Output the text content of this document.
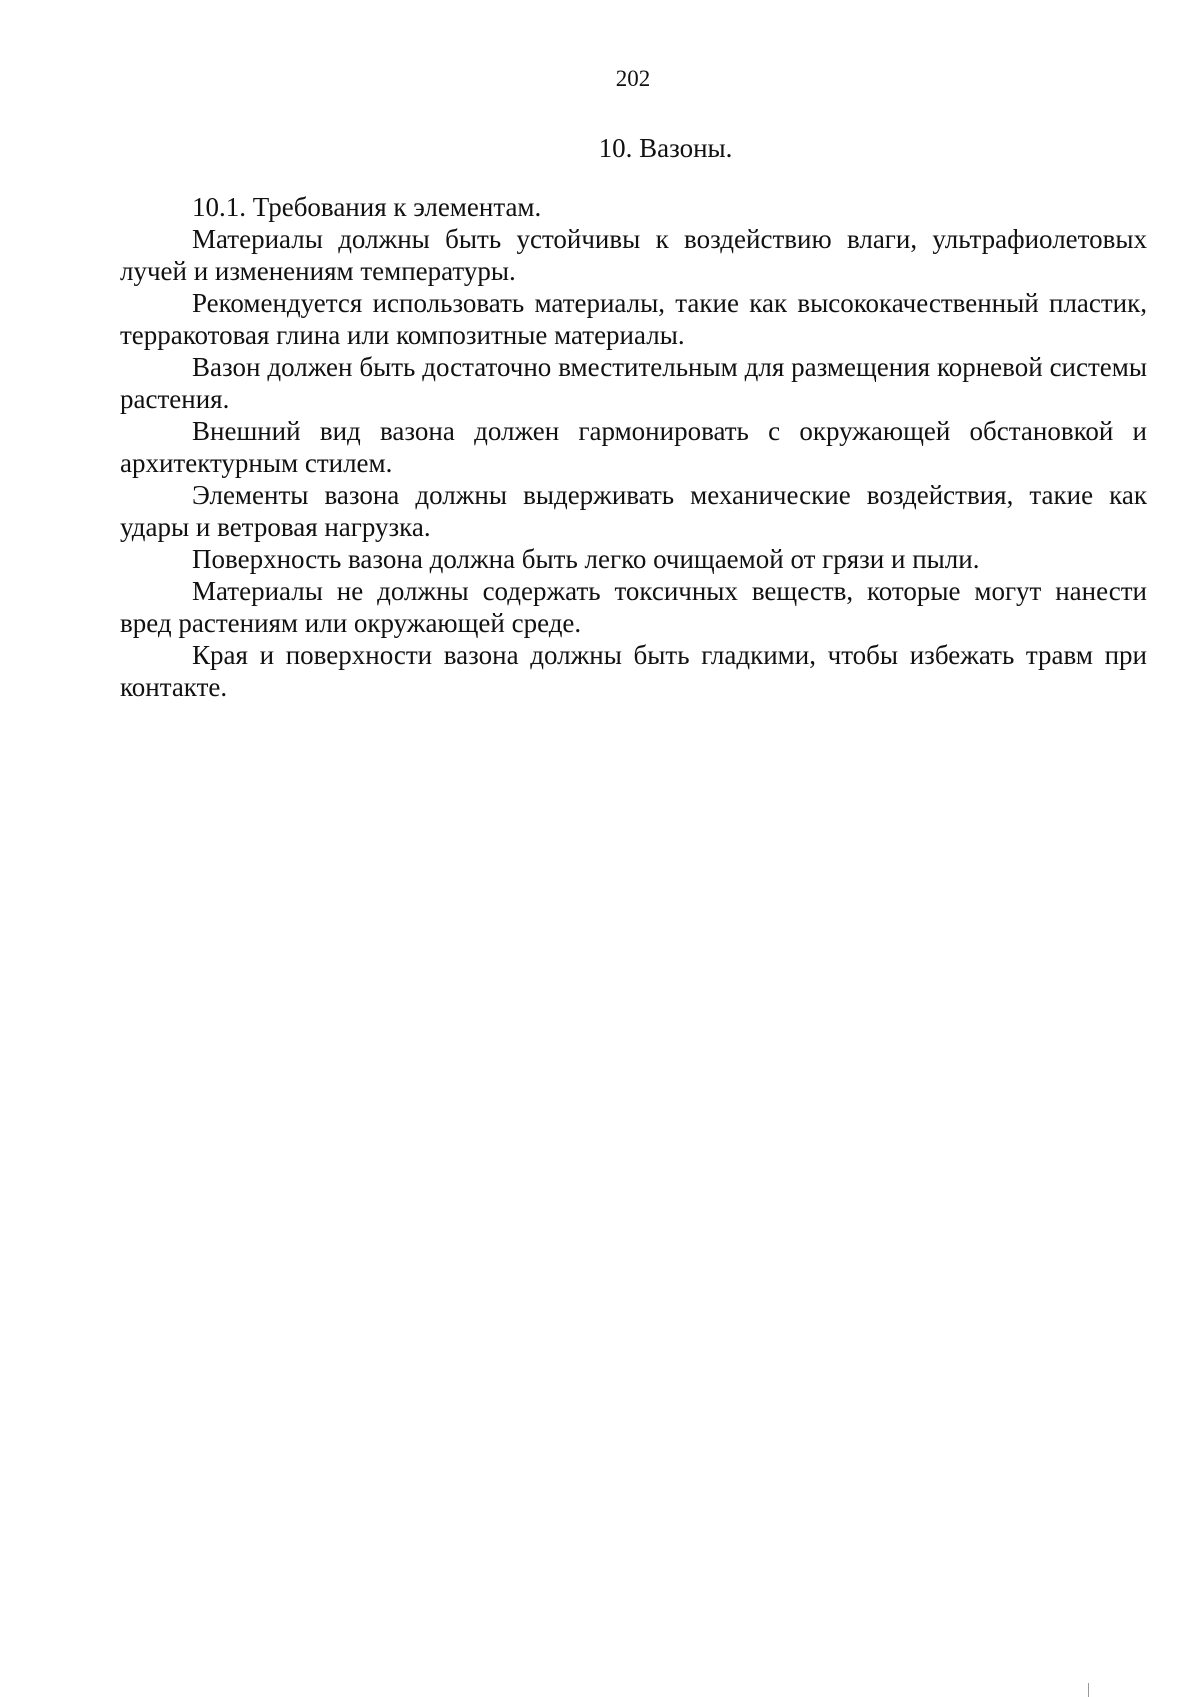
202

10. Вазоны.

10.1. Требования к элементам.

Материалы должны быть устойчивы к воздействию влаги, ультрафиолетовых лучей и изменениям температуры.

Рекомендуется использовать материалы, такие как высококачественный пластик, терракотовая глина или композитные материалы.

Вазон должен быть достаточно вместительным для размещения корневой системы растения.

Внешний вид вазона должен гармонировать с окружающей обстановкой и архитектурным стилем.

Элементы вазона должны выдерживать механические воздействия, такие как удары и ветровая нагрузка.

Поверхность вазона должна быть легко очищаемой от грязи и пыли.

Материалы не должны содержать токсичных веществ, которые могут нанести вред растениям или окружающей среде.

Края и поверхности вазона должны быть гладкими, чтобы избежать травм при контакте.
